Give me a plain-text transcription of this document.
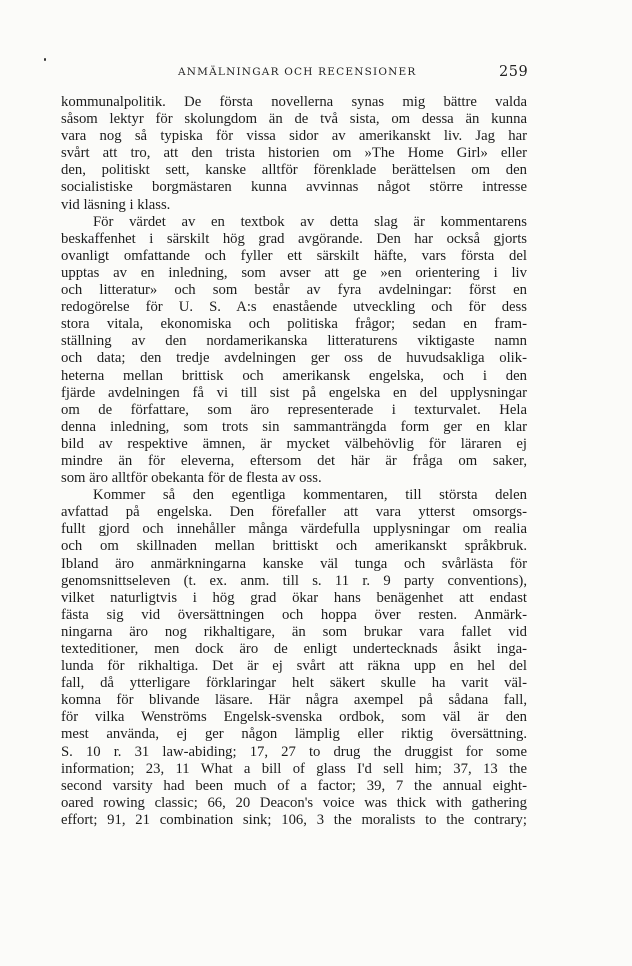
ANMÄLNINGAR OCH RECENSIONER	259
kommunalpolitik. De första novellerna synas mig bättre valda
såsom lektyr för skolungdom än de två sista, om dessa än kunna
vara nog så typiska för vissa sidor av amerikanskt liv. Jag har
svårt att tro, att den trista historien om »The Home Girl» eller
den, politiskt sett, kanske alltför förenklade berättelsen om den
socialistiske borgmästaren kunna avvinnas något större intresse
vid läsning i klass.
För värdet av en textbok av detta slag är kommentarens
beskaffenhet i särskilt hög grad avgörande. Den har också gjorts
ovanligt omfattande och fyller ett särskilt häfte, vars första del
upptas av en inledning, som avser att ge »en orientering i liv
och litteratur» och som består av fyra avdelningar: först en
redogörelse för U. S. A:s enastående utveckling och för dess
stora vitala, ekonomiska och politiska frågor; sedan en fram-
ställning av den nordamerikanska litteraturens viktigaste namn
och data; den tredje avdelningen ger oss de huvudsakliga olik-
heterna mellan brittisk och amerikansk engelska, och i den
fjärde avdelningen få vi till sist på engelska en del upplysningar
om de författare, som äro representerade i texturvalet. Hela
denna inledning, som trots sin sammanträngda form ger en klar
bild av respektive ämnen, är mycket välbehövlig för läraren ej
mindre än för eleverna, eftersom det här är fråga om saker,
som äro alltför obekanta för de flesta av oss.
Kommer så den egentliga kommentaren, till största delen
avfattad på engelska. Den förefaller att vara ytterst omsorgs-
fullt gjord och innehåller många värdefulla upplysningar om realia
och om skillnaden mellan brittiskt och amerikanskt språkbruk.
Ibland äro anmärkningarna kanske väl tunga och svårlästa för
genomsnittseleven (t. ex. anm. till s. 11 r. 9 party conventions),
vilket naturligtvis i hög grad ökar hans benägenhet att endast
fästa sig vid översättningen och hoppa över resten. Anmärk-
ningarna äro nog rikhaltigare, än som brukar vara fallet vid
texteditioner, men dock äro de enligt undertecknads åsikt inga-
lunda för rikhaltiga. Det är ej svårt att räkna upp en hel del
fall, då ytterligare förklaringar helt säkert skulle ha varit väl-
komna för blivande läsare. Här några axempel på sådana fall,
för vilka Wenströms Engelsk-svenska ordbok, som väl är den
mest använda, ej ger någon lämplig eller riktig översättning.
S. 10 r. 31 law-abiding; 17, 27 to drug the druggist for some
information; 23, 11 What a bill of glass I'd sell him; 37, 13 the
second varsity had been much of a factor; 39, 7 the annual eight-
oared rowing classic; 66, 20 Deacon's voice was thick with gathering
effort; 91, 21 combination sink; 106, 3 the moralists to the contrary;
